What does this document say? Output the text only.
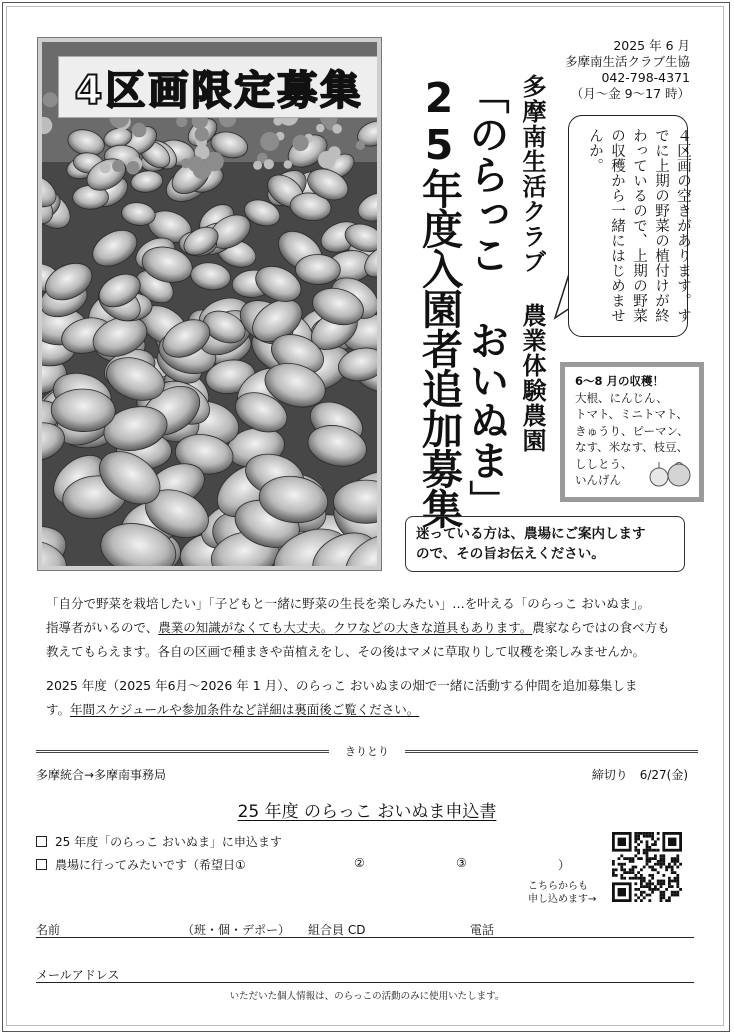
4区画限定募集
2025 年 6 月
多摩南生活クラブ生協
042-798-4371
（月～金 9～17 時）
多摩南生活クラブ 農業体験農園
「のらっこ おいぬま」
25年度入園者追加募集	４区画の空きがあります。すでに上期の野菜の植付けが終わっているので、上期の野菜の収穫から一緒にはじめませんか。
6～8 月の収穫！
大根、にんじん、
トマト、ミニトマト、
きゅうり、ピーマン、
なす、米なす、枝豆、
ししとう、
いんげん
迷っている方は、農場にご案内します
ので、その旨お伝えください。
「自分で野菜を栽培したい」「子どもと一緒に野菜の生長を楽しみたい」…を叶える「のらっこ おいぬま」。
指導者がいるので、農業の知識がなくても大丈夫。クワなどの大きな道具もあります。農家ならではの食べ方も
教えてもらえます。各自の区画で種まきや苗植えをし、その後はマメに草取りして収穫を楽しみませんか。
2025 年度（2025 年6月～2026 年 1 月）、のらっこ おいぬまの畑で一緒に活動する仲間を追加募集しま
す。年間スケジュールや参加条件など詳細は裏面後ご覧ください。
きりとり
多摩統合→多摩南事務局	締切り　6/27(金)
25 年度 のらっこ おいぬま申込書
25 年度「のらっこ おいぬま」に申込ます
農場に行ってみたいです（希望日①	②	③	）
こちらからも
申し込めます→
名前	（班・個・デポー） 組合員 CD	電話
メールアドレス
いただいた個人情報は、のらっこの活動のみに使用いたします。
